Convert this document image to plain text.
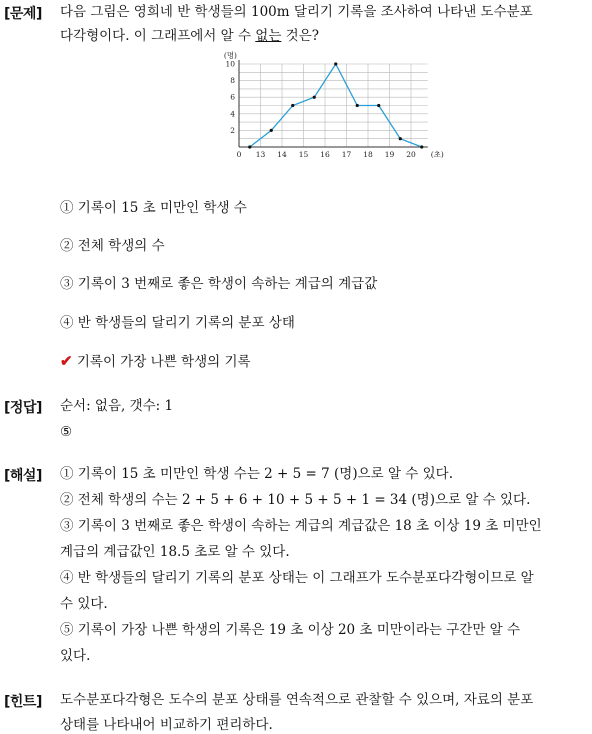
[문제] 다음 그림은 영희네 반 학생들의 100m 달리기 기록을 조사하여 나타낸 도수분포
다각형이다. 이 그래프에서 알 수 없는 것은?
0 13 14 15 16 17 18 19 20 (초)
2
4
6
8
10
(명)
① 기록이 15 초 미만인 학생 수
② 전체 학생의 수
③ 기록이 3 번째로 좋은 학생이 속하는 계급의 계급값
④ 반 학생들의 달리기 기록의 분포 상태
✔ 기록이 가장 나쁜 학생의 기록
[정답] 순서: 없음, 갯수: 1
⑤
[해설] ① 기록이 15 초 미만인 학생 수는 2 + 5 = 7 (명)으로 알 수 있다.
② 전체 학생의 수는 2 + 5 + 6 + 10 + 5 + 5 + 1 = 34 (명)으로 알 수 있다.
③ 기록이 3 번째로 좋은 학생이 속하는 계급의 계급값은 18 초 이상 19 초 미만인
계급의 계급값인 18.5 초로 알 수 있다.
④ 반 학생들의 달리기 기록의 분포 상태는 이 그래프가 도수분포다각형이므로 알
수 있다.
⑤ 기록이 가장 나쁜 학생의 기록은 19 초 이상 20 초 미만이라는 구간만 알 수
있다.
[힌트] 도수분포다각형은 도수의 분포 상태를 연속적으로 관찰할 수 있으며, 자료의 분포
상태를 나타내어 비교하기 편리하다.
